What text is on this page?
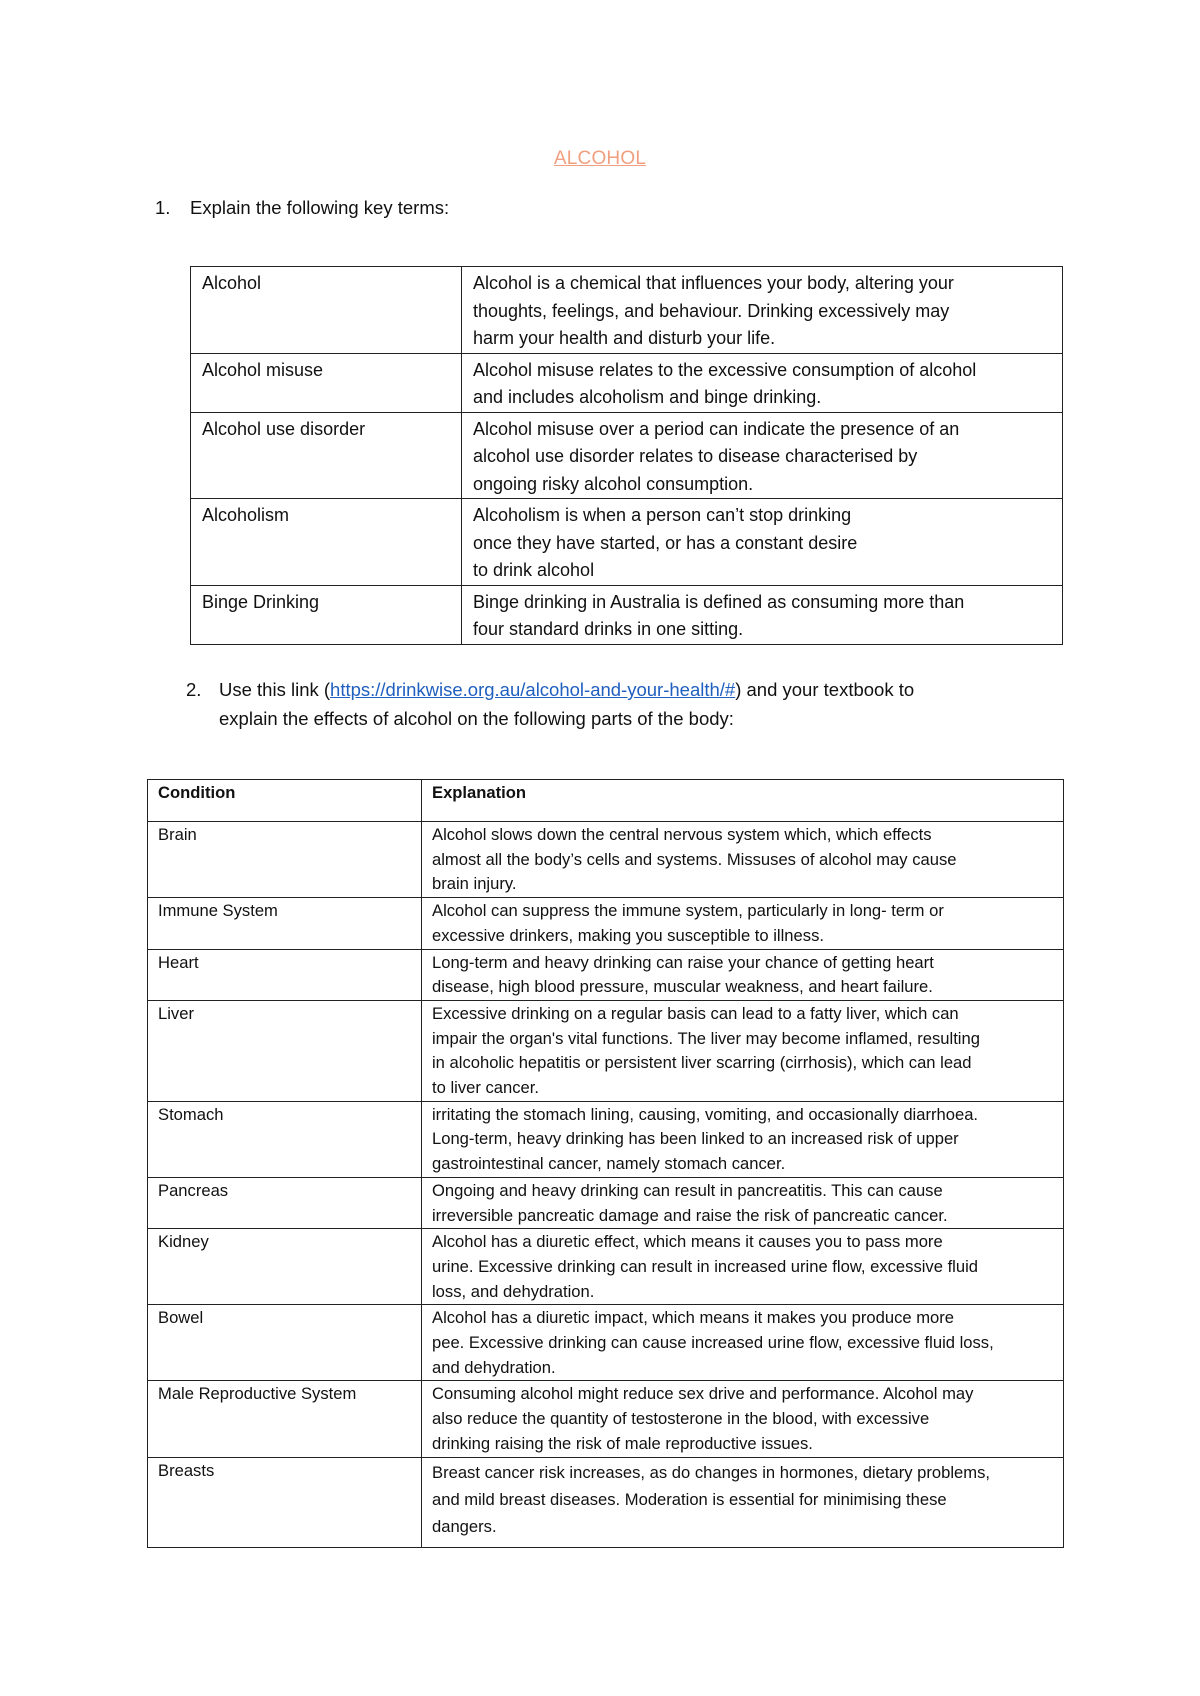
ALCOHOL
1.	Explain the following key terms:
Alcohol	Alcohol is a chemical that influences your body, altering your
thoughts, feelings, and behaviour. Drinking excessively may
harm your health and disturb your life.

Alcohol misuse	Alcohol misuse relates to the excessive consumption of alcohol
and includes alcoholism and binge drinking.

Alcohol use disorder	Alcohol misuse over a period can indicate the presence of an
alcohol use disorder relates to disease characterised by
ongoing risky alcohol consumption.

Alcoholism	Alcoholism is when a person can’t stop drinking
once they have started, or has a constant desire
to drink alcohol

Binge Drinking	Binge drinking in Australia is defined as consuming more than
four standard drinks in one sitting.
2. Use this link (https://drinkwise.org.au/alcohol-and-your-health/#) and your textbook to
explain the effects of alcohol on the following parts of the body:
Condition	Explanation
Brain	Alcohol slows down the central nervous system which, which effects
almost all the body’s cells and systems. Missuses of alcohol may cause
brain injury.

Immune System	Alcohol can suppress the immune system, particularly in long- term or
excessive drinkers, making you susceptible to illness.

Heart	Long-term and heavy drinking can raise your chance of getting heart
disease, high blood pressure, muscular weakness, and heart failure.

Liver	Excessive drinking on a regular basis can lead to a fatty liver, which can
impair the organ's vital functions. The liver may become inflamed, resulting
in alcoholic hepatitis or persistent liver scarring (cirrhosis), which can lead
to liver cancer.

Stomach	irritating the stomach lining, causing, vomiting, and occasionally diarrhoea.
Long-term, heavy drinking has been linked to an increased risk of upper
gastrointestinal cancer, namely stomach cancer.

Pancreas	Ongoing and heavy drinking can result in pancreatitis. This can cause
irreversible pancreatic damage and raise the risk of pancreatic cancer.

Kidney	Alcohol has a diuretic effect, which means it causes you to pass more
urine. Excessive drinking can result in increased urine flow, excessive fluid
loss, and dehydration.

Bowel	Alcohol has a diuretic impact, which means it makes you produce more
pee. Excessive drinking can cause increased urine flow, excessive fluid loss,
and dehydration.

Male Reproductive System	Consuming alcohol might reduce sex drive and performance. Alcohol may
also reduce the quantity of testosterone in the blood, with excessive
drinking raising the risk of male reproductive issues.

Breasts	Breast cancer risk increases, as do changes in hormones, dietary problems,
and mild breast diseases. Moderation is essential for minimising these
dangers.
